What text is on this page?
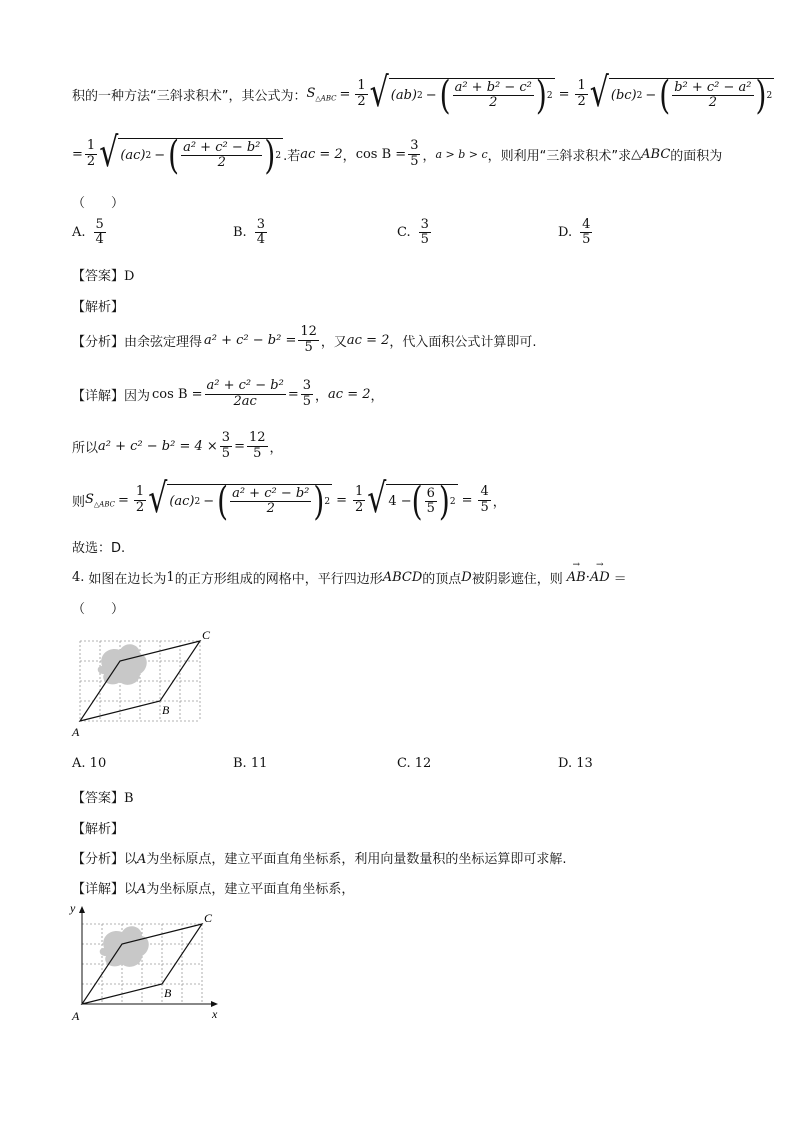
积的一种方法“三斜求积术”，其公式为： $S_{\triangle ABC} = \frac{1}{2}$ √ (ab) 2 − ( $\frac{\text{a² + b² − c²}}{2}$ ) $2 = \frac{1}{2}$ √ (bc) 2 − ( $\frac{\text{b² + c² − a²}}{2}$ ) 2
= $\frac{1}{2}$ √ (ac) 2 − ( $\frac{\text{a² + c² − b²}}{2}$ ) 2 .若 ac = 2 ， $\cos B = \frac{3}{5}$ ， a > b > c ，则利用“三斜求积术”求 △ABC 的面积为
（　　）
A. $\frac{5}{4}$	B. $\frac{3}{4}$	C. $\frac{3}{5}$	D. $\frac{4}{5}$
【答案】D
【解析】
【分析】 由余弦定理得 $a^2 + c^2 - b^2 = \frac{12}{5}$ ，又 ac = 2 ，代入面积公式计算即可.
【详解】 因为 $\cos B = \frac{\text{a² + c² − b²}}{2ac} = \frac{3}{5}$ ， ac = 2 ，
所以 $a^2 + c^2 - b^2 = 4 \times \frac{3}{5} = \frac{12}{5}$ ，
则 $S_{\triangle ABC} = \frac{1}{2}$ √ (ac) 2 − ( $\frac{\text{a² + c² − b²}}{2}$ ) $2 = \frac{1}{2}$ √ 4 − ( $\frac{6}{5}$ ) $2 = \frac{4}{5}$ ，
故选：D.
4. 如图在边长为 1 的正方形组成的网格中，平行四边形 ABCD 的顶点 D 被阴影遮住，则 → AB · → AD ＝
（　　）
A
B
C
A. 10	B. 11	C. 12	D. 13
【答案】B
【解析】
【分析】以A为坐标原点，建立平面直角坐标系，利用向量数量积的坐标运算即可求解.
【详解】以A为坐标原点，建立平面直角坐标系，
A
B
C
x
y
